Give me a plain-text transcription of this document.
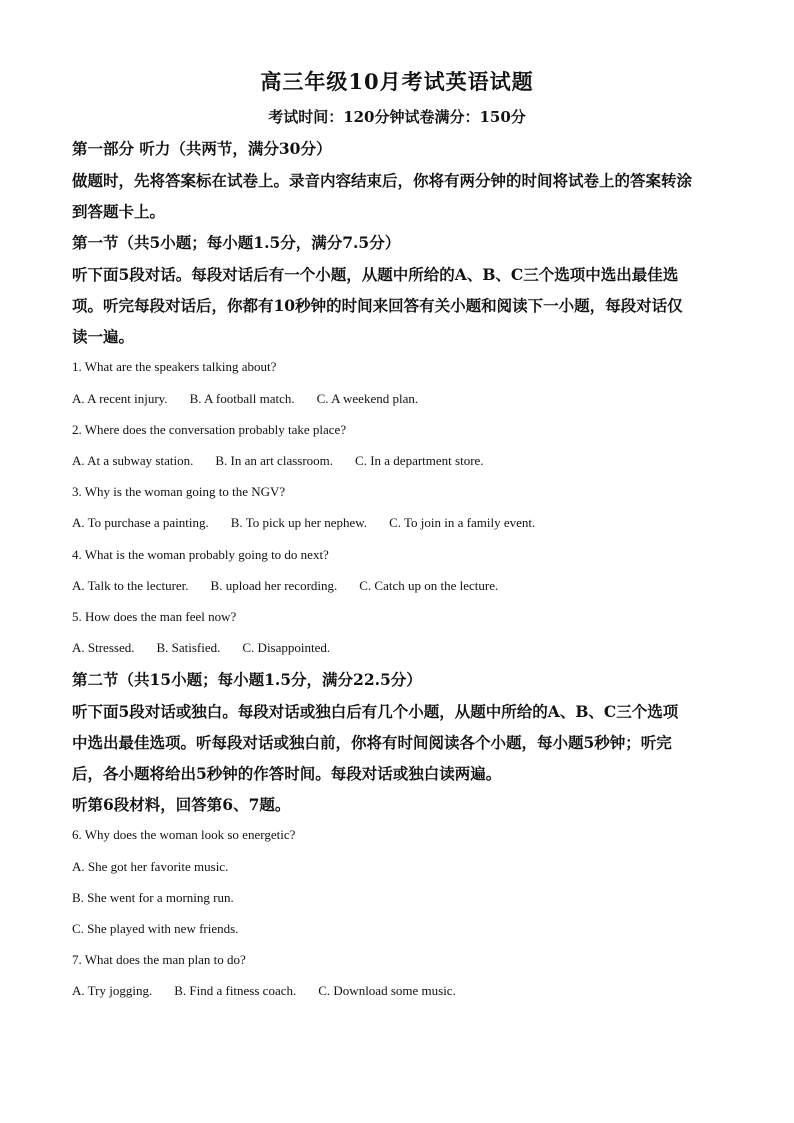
高三年级10月考试英语试题
考试时间：120分钟试卷满分：150分
第一部分 听力（共两节，满分30分）
做题时，先将答案标在试卷上。录音内容结束后，你将有两分钟的时间将试卷上的答案转涂
到答题卡上。
第一节（共5小题；每小题1.5分，满分7.5分）
听下面5段对话。每段对话后有一个小题，从题中所给的A、B、C三个选项中选出最佳选
项。听完每段对话后，你都有10秒钟的时间来回答有关小题和阅读下一小题，每段对话仅
读一遍。
1. What are the speakers talking about?
A. A recent injury. B. A football match. C. A weekend plan.
2. Where does the conversation probably take place?
A. At a subway station. B. In an art classroom. C. In a department store.
3. Why is the woman going to the NGV?
A. To purchase a painting. B. To pick up her nephew. C. To join in a family event.
4. What is the woman probably going to do next?
A. Talk to the lecturer. B. upload her recording. C. Catch up on the lecture.
5. How does the man feel now?
A. Stressed. B. Satisfied. C. Disappointed.
第二节（共15小题；每小题1.5分，满分22.5分）
听下面5段对话或独白。每段对话或独白后有几个小题，从题中所给的A、B、C三个选项
中选出最佳选项。听每段对话或独白前，你将有时间阅读各个小题，每小题5秒钟；听完
后，各小题将给出5秒钟的作答时间。每段对话或独白读两遍。
听第6段材料，回答第6、7题。
6. Why does the woman look so energetic?
A. She got her favorite music.
B. She went for a morning run.
C. She played with new friends.
7. What does the man plan to do?
A. Try jogging. B. Find a fitness coach. C. Download some music.
